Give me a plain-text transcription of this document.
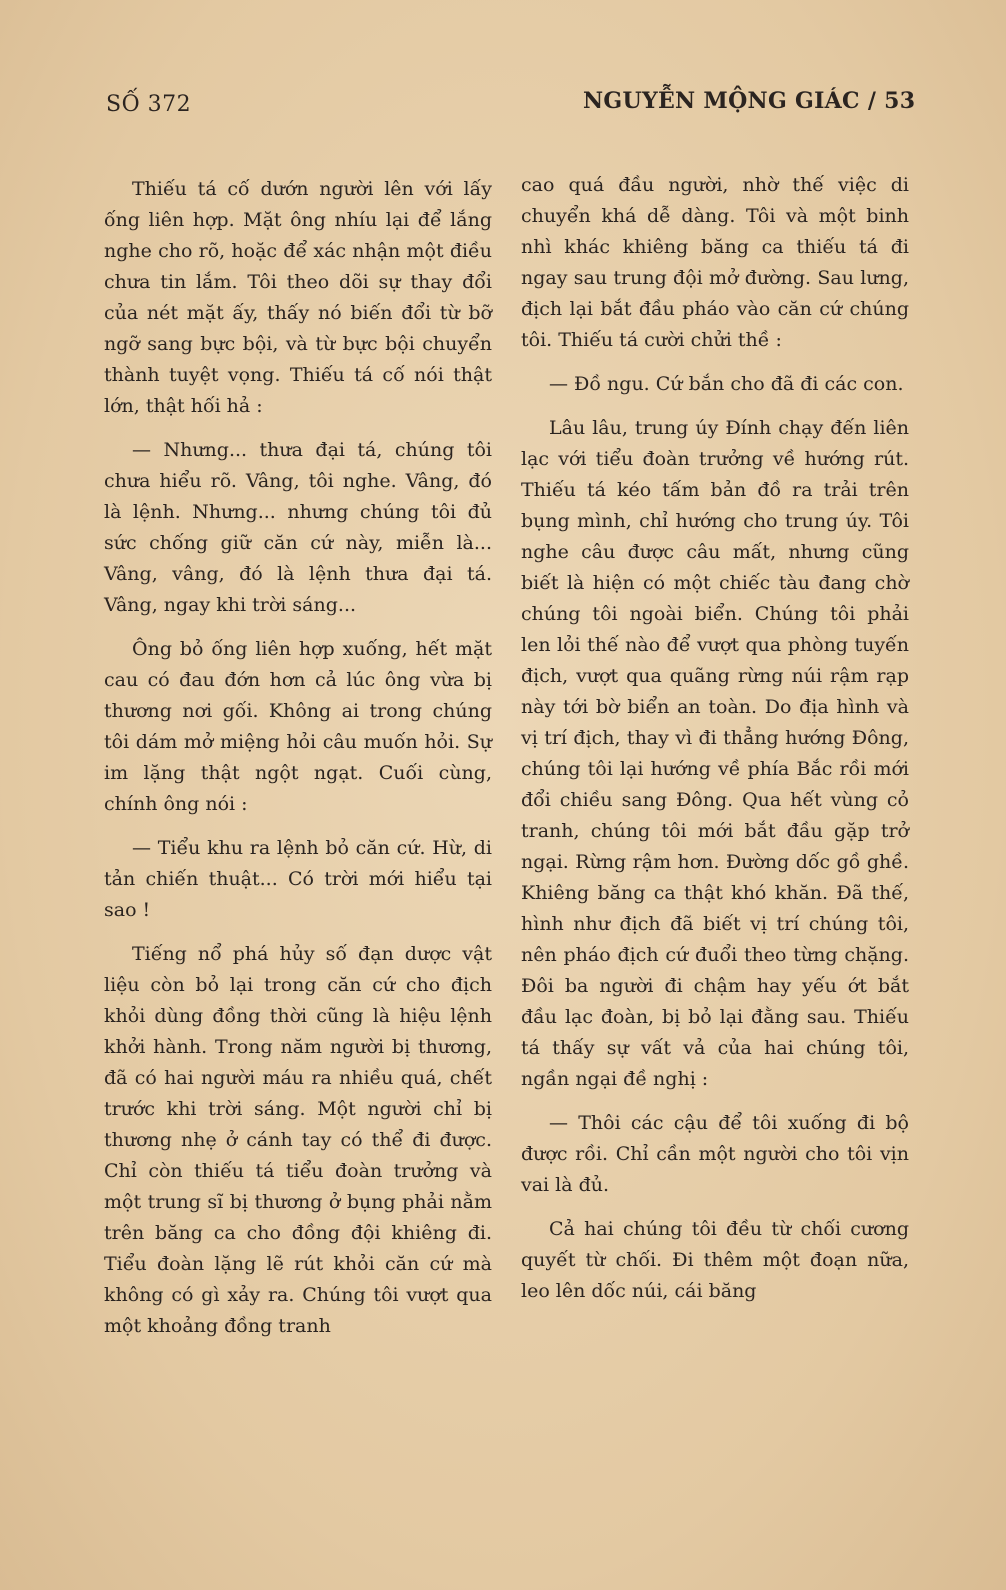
SỐ 372	NGUYỄN MỘNG GIÁC / 53

Thiếu tá cố dướn người lên với lấy ống liên hợp. Mặt ông nhíu lại để lắng nghe cho rõ, hoặc để xác nhận một điều chưa tin lắm. Tôi theo dõi sự thay đổi của nét mặt ấy, thấy nó biến đổi từ bỡ ngỡ sang bực bội, và từ bực bội chuyển thành tuyệt vọng. Thiếu tá cố nói thật lớn, thật hối hả :

— Nhưng... thưa đại tá, chúng tôi chưa hiểu rõ. Vâng, tôi nghe. Vâng, đó là lệnh. Nhưng... nhưng chúng tôi đủ sức chống giữ căn cứ này, miễn là... Vâng, vâng, đó là lệnh thưa đại tá. Vâng, ngay khi trời sáng...

Ông bỏ ống liên hợp xuống, hết mặt cau có đau đớn hơn cả lúc ông vừa bị thương nơi gối. Không ai trong chúng tôi dám mở miệng hỏi câu muốn hỏi. Sự im lặng thật ngột ngạt. Cuối cùng, chính ông nói :

— Tiểu khu ra lệnh bỏ căn cứ. Hừ, di tản chiến thuật... Có trời mới hiểu tại sao !

Tiếng nổ phá hủy số đạn dược vật liệu còn bỏ lại trong căn cứ cho địch khỏi dùng đồng thời cũng là hiệu lệnh khởi hành. Trong năm người bị thương, đã có hai người máu ra nhiều quá, chết trước khi trời sáng. Một người chỉ bị thương nhẹ ở cánh tay có thể đi được. Chỉ còn thiếu tá tiểu đoàn trưởng và một trung sĩ bị thương ở bụng phải nằm trên băng ca cho đồng đội khiêng đi. Tiểu đoàn lặng lẽ rút khỏi căn cứ mà không có gì xảy ra. Chúng tôi vượt qua một khoảng đồng tranh

cao quá đầu người, nhờ thế việc di chuyển khá dễ dàng. Tôi và một binh nhì khác khiêng băng ca thiếu tá đi ngay sau trung đội mở đường. Sau lưng, địch lại bắt đầu pháo vào căn cứ chúng tôi. Thiếu tá cười chửi thề :

— Đồ ngu. Cứ bắn cho đã đi các con.

Lâu lâu, trung úy Đính chạy đến liên lạc với tiểu đoàn trưởng về hướng rút. Thiếu tá kéo tấm bản đồ ra trải trên bụng mình, chỉ hướng cho trung úy. Tôi nghe câu được câu mất, nhưng cũng biết là hiện có một chiếc tàu đang chờ chúng tôi ngoài biển. Chúng tôi phải len lỏi thế nào để vượt qua phòng tuyến địch, vượt qua quãng rừng núi rậm rạp này tới bờ biển an toàn. Do địa hình và vị trí địch, thay vì đi thẳng hướng Đông, chúng tôi lại hướng về phía Bắc rồi mới đổi chiều sang Đông. Qua hết vùng cỏ tranh, chúng tôi mới bắt đầu gặp trở ngại. Rừng rậm hơn. Đường dốc gồ ghề. Khiêng băng ca thật khó khăn. Đã thế, hình như địch đã biết vị trí chúng tôi, nên pháo địch cứ đuổi theo từng chặng. Đôi ba người đi chậm hay yếu ớt bắt đầu lạc đoàn, bị bỏ lại đằng sau. Thiếu tá thấy sự vất vả của hai chúng tôi, ngần ngại đề nghị :

— Thôi các cậu để tôi xuống đi bộ được rồi. Chỉ cần một người cho tôi vịn vai là đủ.

Cả hai chúng tôi đều từ chối cương quyết từ chối. Đi thêm một đoạn nữa, leo lên dốc núi, cái băng
